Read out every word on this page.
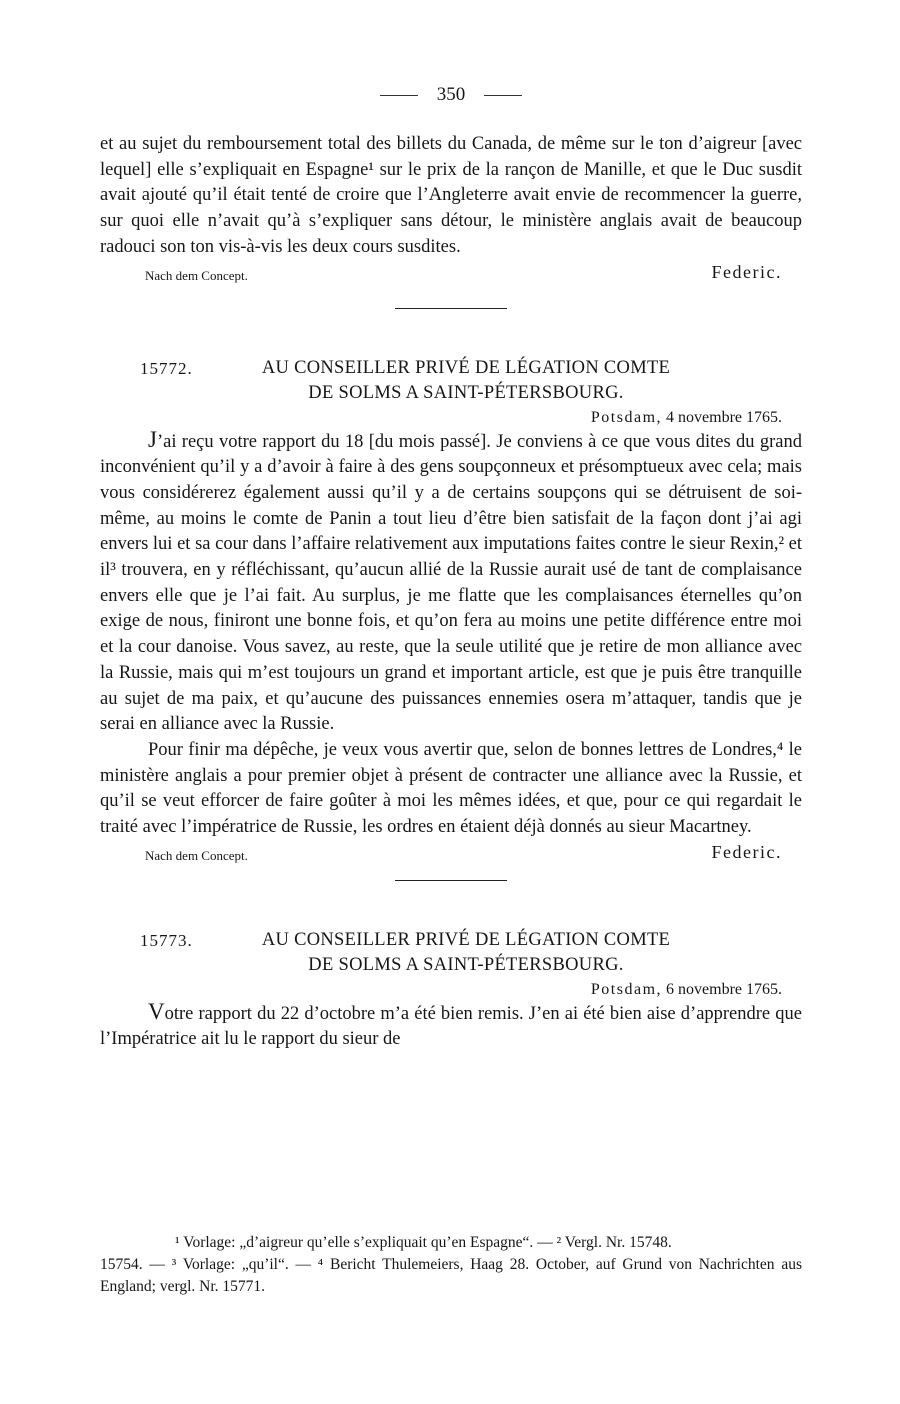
350

et au sujet du remboursement total des billets du Canada, de même sur le ton d’aigreur [avec lequel] elle s’expliquait en Espagne¹ sur le prix de la rançon de Manille, et que le Duc susdit avait ajouté qu’il était tenté de croire que l’Angleterre avait envie de recommencer la guerre, sur quoi elle n’avait qu’à s’expliquer sans détour, le ministère anglais avait de beaucoup radouci son ton vis-à-vis les deux cours susdites.

Nach dem Concept.	Federic.
15772.	AU CONSEILLER PRIVÉ DE LÉGATION COMTE
DE SOLMS A SAINT-PÉTERSBOURG.
Potsdam, 4 novembre 1765.

J’ai reçu votre rapport du 18 [du mois passé]. Je conviens à ce que vous dites du grand inconvénient qu’il y a d’avoir à faire à des gens soupçonneux et présomptueux avec cela; mais vous considérerez également aussi qu’il y a de certains soupçons qui se détruisent de soi-même, au moins le comte de Panin a tout lieu d’être bien satisfait de la façon dont j’ai agi envers lui et sa cour dans l’affaire relativement aux imputations faites contre le sieur Rexin,² et il³ trouvera, en y réfléchissant, qu’aucun allié de la Russie aurait usé de tant de complaisance envers elle que je l’ai fait. Au surplus, je me flatte que les complaisances éternelles qu’on exige de nous, finiront une bonne fois, et qu’on fera au moins une petite différence entre moi et la cour danoise. Vous savez, au reste, que la seule utilité que je retire de mon alliance avec la Russie, mais qui m’est toujours un grand et important article, est que je puis être tranquille au sujet de ma paix, et qu’aucune des puissances ennemies osera m’attaquer, tandis que je serai en alliance avec la Russie.

Pour finir ma dépêche, je veux vous avertir que, selon de bonnes lettres de Londres,⁴ le ministère anglais a pour premier objet à présent de contracter une alliance avec la Russie, et qu’il se veut efforcer de faire goûter à moi les mêmes idées, et que, pour ce qui regardait le traité avec l’impératrice de Russie, les ordres en étaient déjà donnés au sieur Macartney.

Nach dem Concept.	Federic.
15773.	AU CONSEILLER PRIVÉ DE LÉGATION COMTE
DE SOLMS A SAINT-PÉTERSBOURG.
Potsdam, 6 novembre 1765.

Votre rapport du 22 d’octobre m’a été bien remis. J’en ai été bien aise d’apprendre que l’Impératrice ait lu le rapport du sieur de

¹ Vorlage: „d’aigreur qu’elle s’expliquait qu’en Espagne“. — ² Vergl. Nr. 15748.

15754. — ³ Vorlage: „qu’il“. — ⁴ Bericht Thulemeiers, Haag 28. October, auf Grund von Nachrichten aus England; vergl. Nr. 15771.
